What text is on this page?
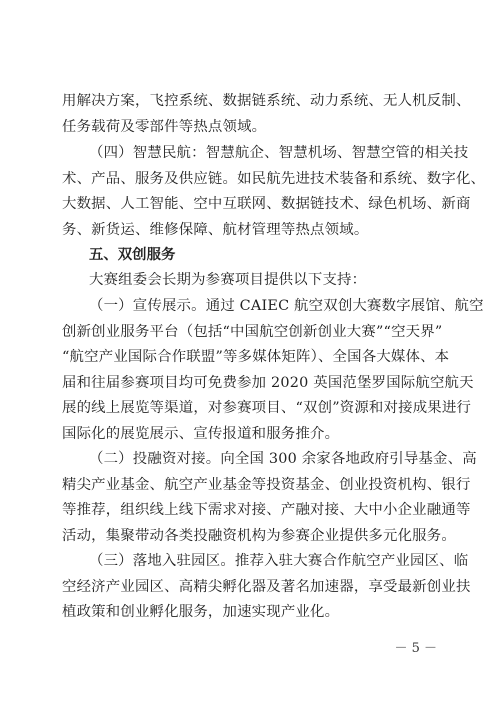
用解决方案，飞控系统、数据链系统、动力系统、无人机反制、
任务载荷及零部件等热点领域。

（四）智慧民航：智慧航企、智慧机场、智慧空管的相关技
术、产品、服务及供应链。如民航先进技术装备和系统、数字化、
大数据、人工智能、空中互联网、数据链技术、绿色机场、新商
务、新货运、维修保障、航材管理等热点领域。

五、双创服务

大赛组委会长期为参赛项目提供以下支持：

（一）宣传展示。通过 CAIEC 航空双创大赛数字展馆、航空
创新创业服务平台（包括“中国航空创新创业大赛”“空天界”
“航空产业国际合作联盟”等多媒体矩阵）、全国各大媒体、本
届和往届参赛项目均可免费参加 2020 英国范堡罗国际航空航天
展的线上展览等渠道，对参赛项目、“双创”资源和对接成果进行
国际化的展览展示、宣传报道和服务推介。

（二）投融资对接。向全国 300 余家各地政府引导基金、高
精尖产业基金、航空产业基金等投资基金、创业投资机构、银行
等推荐，组织线上线下需求对接、产融对接、大中小企业融通等
活动，集聚带动各类投融资机构为参赛企业提供多元化服务。

（三）落地入驻园区。推荐入驻大赛合作航空产业园区、临
空经济产业园区、高精尖孵化器及著名加速器，享受最新创业扶
植政策和创业孵化服务，加速实现产业化。

－ 5 －
